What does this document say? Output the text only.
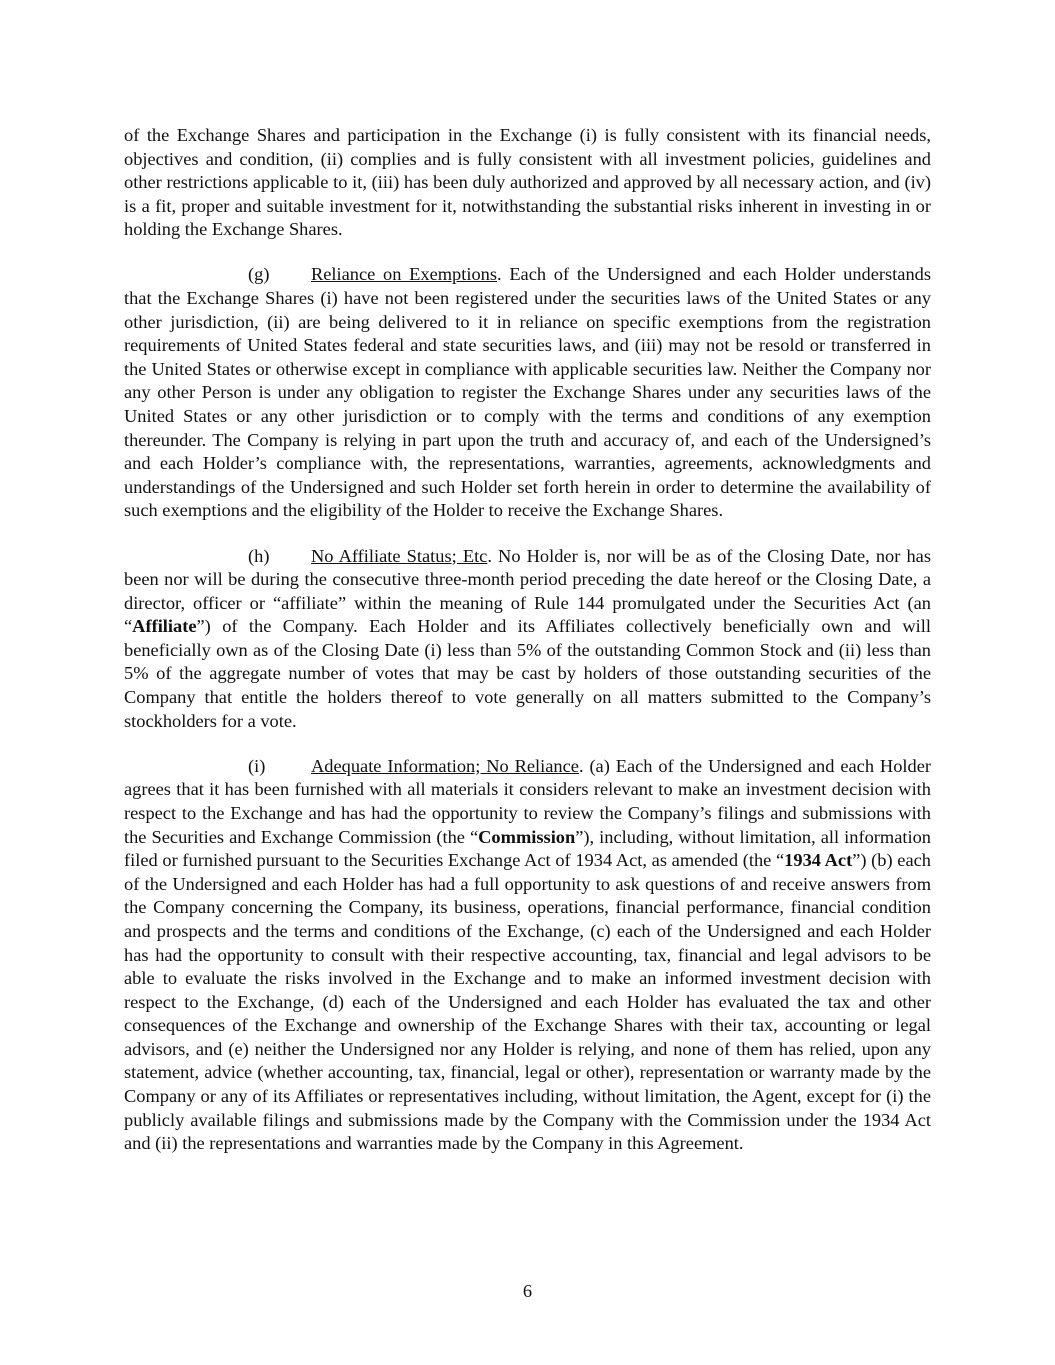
of the Exchange Shares and participation in the Exchange (i) is fully consistent with its financial needs, objectives and condition, (ii) complies and is fully consistent with all investment policies, guidelines and other restrictions applicable to it, (iii) has been duly authorized and approved by all necessary action, and (iv) is a fit, proper and suitable investment for it, notwithstanding the substantial risks inherent in investing in or holding the Exchange Shares.

(g) Reliance on Exemptions. Each of the Undersigned and each Holder understands that the Exchange Shares (i) have not been registered under the securities laws of the United States or any other jurisdiction, (ii) are being delivered to it in reliance on specific exemptions from the registration requirements of United States federal and state securities laws, and (iii) may not be resold or transferred in the United States or otherwise except in compliance with applicable securities law. Neither the Company nor any other Person is under any obligation to register the Exchange Shares under any securities laws of the United States or any other jurisdiction or to comply with the terms and conditions of any exemption thereunder. The Company is relying in part upon the truth and accuracy of, and each of the Undersigned’s and each Holder’s compliance with, the representations, warranties, agreements, acknowledgments and understandings of the Undersigned and such Holder set forth herein in order to determine the availability of such exemptions and the eligibility of the Holder to receive the Exchange Shares.

(h) No Affiliate Status; Etc. No Holder is, nor will be as of the Closing Date, nor has been nor will be during the consecutive three-month period preceding the date hereof or the Closing Date, a director, officer or “affiliate” within the meaning of Rule 144 promulgated under the Securities Act (an “Affiliate”) of the Company. Each Holder and its Affiliates collectively beneficially own and will beneficially own as of the Closing Date (i) less than 5% of the outstanding Common Stock and (ii) less than 5% of the aggregate number of votes that may be cast by holders of those outstanding securities of the Company that entitle the holders thereof to vote generally on all matters submitted to the Company’s stockholders for a vote.

(i) Adequate Information; No Reliance. (a) Each of the Undersigned and each Holder agrees that it has been furnished with all materials it considers relevant to make an investment decision with respect to the Exchange and has had the opportunity to review the Company’s filings and submissions with the Securities and Exchange Commission (the “Commission”), including, without limitation, all information filed or furnished pursuant to the Securities Exchange Act of 1934 Act, as amended (the “1934 Act”) (b) each of the Undersigned and each Holder has had a full opportunity to ask questions of and receive answers from the Company concerning the Company, its business, operations, financial performance, financial condition and prospects and the terms and conditions of the Exchange, (c) each of the Undersigned and each Holder has had the opportunity to consult with their respective accounting, tax, financial and legal advisors to be able to evaluate the risks involved in the Exchange and to make an informed investment decision with respect to the Exchange, (d) each of the Undersigned and each Holder has evaluated the tax and other consequences of the Exchange and ownership of the Exchange Shares with their tax, accounting or legal advisors, and (e) neither the Undersigned nor any Holder is relying, and none of them has relied, upon any statement, advice (whether accounting, tax, financial, legal or other), representation or warranty made by the Company or any of its Affiliates or representatives including, without limitation, the Agent, except for (i) the publicly available filings and submissions made by the Company with the Commission under the 1934 Act and (ii) the representations and warranties made by the Company in this Agreement.

6
